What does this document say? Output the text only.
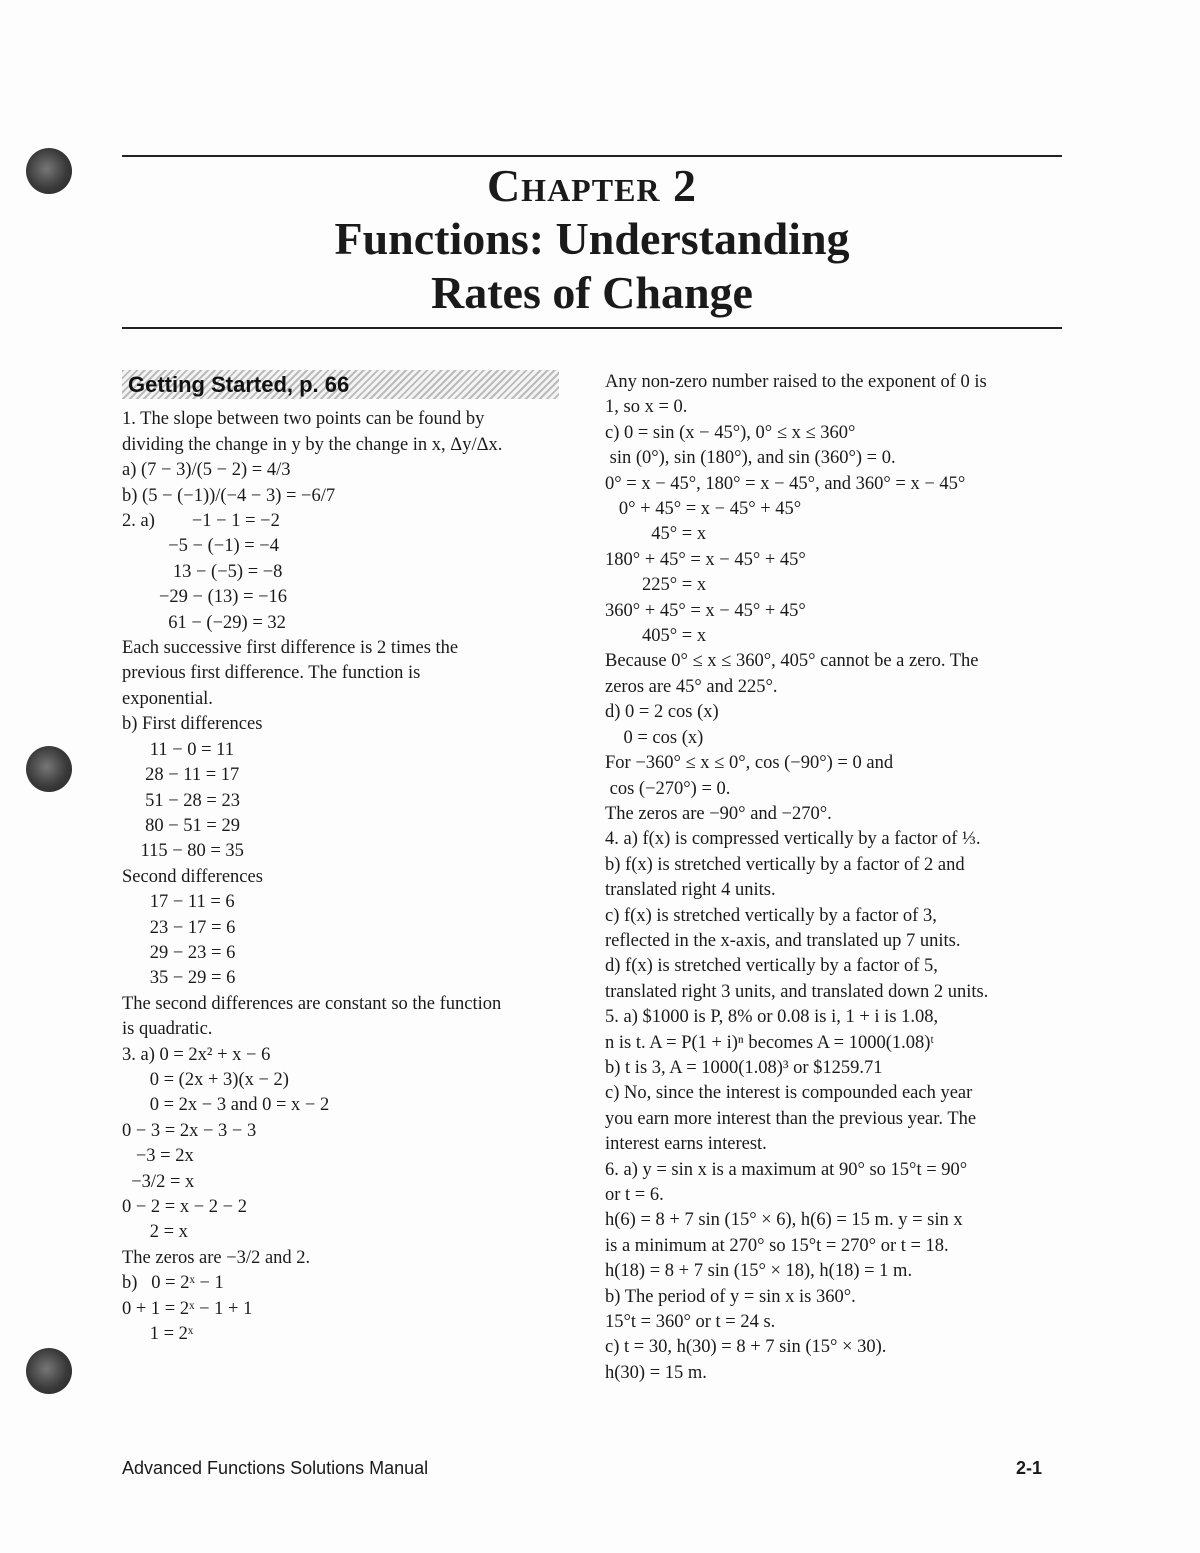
Chapter 2
Functions: Understanding
Rates of Change
Getting Started, p. 66
1. The slope between two points can be found by
dividing the change in y by the change in x, Δy/Δx.
a) (7 − 3)/(5 − 2) = 4/3
b) (5 − (−1))/(−4 − 3) = −6/7
2. a)        −1 − 1 = −2
−5 − (−1) = −4
13 − (−5) = −8
−29 − (13) = −16
61 − (−29) = 32
Each successive first difference is 2 times the
previous first difference. The function is
exponential.
b) First differences
11 − 0 = 11
28 − 11 = 17
51 − 28 = 23
80 − 51 = 29
115 − 80 = 35
Second differences
17 − 11 = 6
23 − 17 = 6
29 − 23 = 6
35 − 29 = 6
The second differences are constant so the function
is quadratic.
3. a) 0 = 2x² + x − 6
0 = (2x + 3)(x − 2)
0 = 2x − 3 and 0 = x − 2
0 − 3 = 2x − 3 − 3
−3 = 2x
−3/2 = x
0 − 2 = x − 2 − 2
2 = x
The zeros are −3/2 and 2.
b)   0 = 2ˣ − 1
0 + 1 = 2ˣ − 1 + 1
1 = 2ˣ
Any non-zero number raised to the exponent of 0 is
1, so x = 0.
c) 0 = sin (x − 45°), 0° ≤ x ≤ 360°
sin (0°), sin (180°), and sin (360°) = 0.
0° = x − 45°, 180° = x − 45°, and 360° = x − 45°
0° + 45° = x − 45° + 45°
45° = x
180° + 45° = x − 45° + 45°
225° = x
360° + 45° = x − 45° + 45°
405° = x
Because 0° ≤ x ≤ 360°, 405° cannot be a zero. The
zeros are 45° and 225°.
d) 0 = 2 cos (x)
0 = cos (x)
For −360° ≤ x ≤ 0°, cos (−90°) = 0 and
cos (−270°) = 0.
The zeros are −90° and −270°.
4. a) f(x) is compressed vertically by a factor of ⅓.
b) f(x) is stretched vertically by a factor of 2 and
translated right 4 units.
c) f(x) is stretched vertically by a factor of 3,
reflected in the x-axis, and translated up 7 units.
d) f(x) is stretched vertically by a factor of 5,
translated right 3 units, and translated down 2 units.
5. a) $1000 is P, 8% or 0.08 is i, 1 + i is 1.08,
n is t. A = P(1 + i)ⁿ becomes A = 1000(1.08)ᵗ
b) t is 3, A = 1000(1.08)³ or $1259.71
c) No, since the interest is compounded each year
you earn more interest than the previous year. The
interest earns interest.
6. a) y = sin x is a maximum at 90° so 15°t = 90°
or t = 6.
h(6) = 8 + 7 sin (15° × 6), h(6) = 15 m. y = sin x
is a minimum at 270° so 15°t = 270° or t = 18.
h(18) = 8 + 7 sin (15° × 18), h(18) = 1 m.
b) The period of y = sin x is 360°.
15°t = 360° or t = 24 s.
c) t = 30, h(30) = 8 + 7 sin (15° × 30).
h(30) = 15 m.
Advanced Functions Solutions Manual	2-1
